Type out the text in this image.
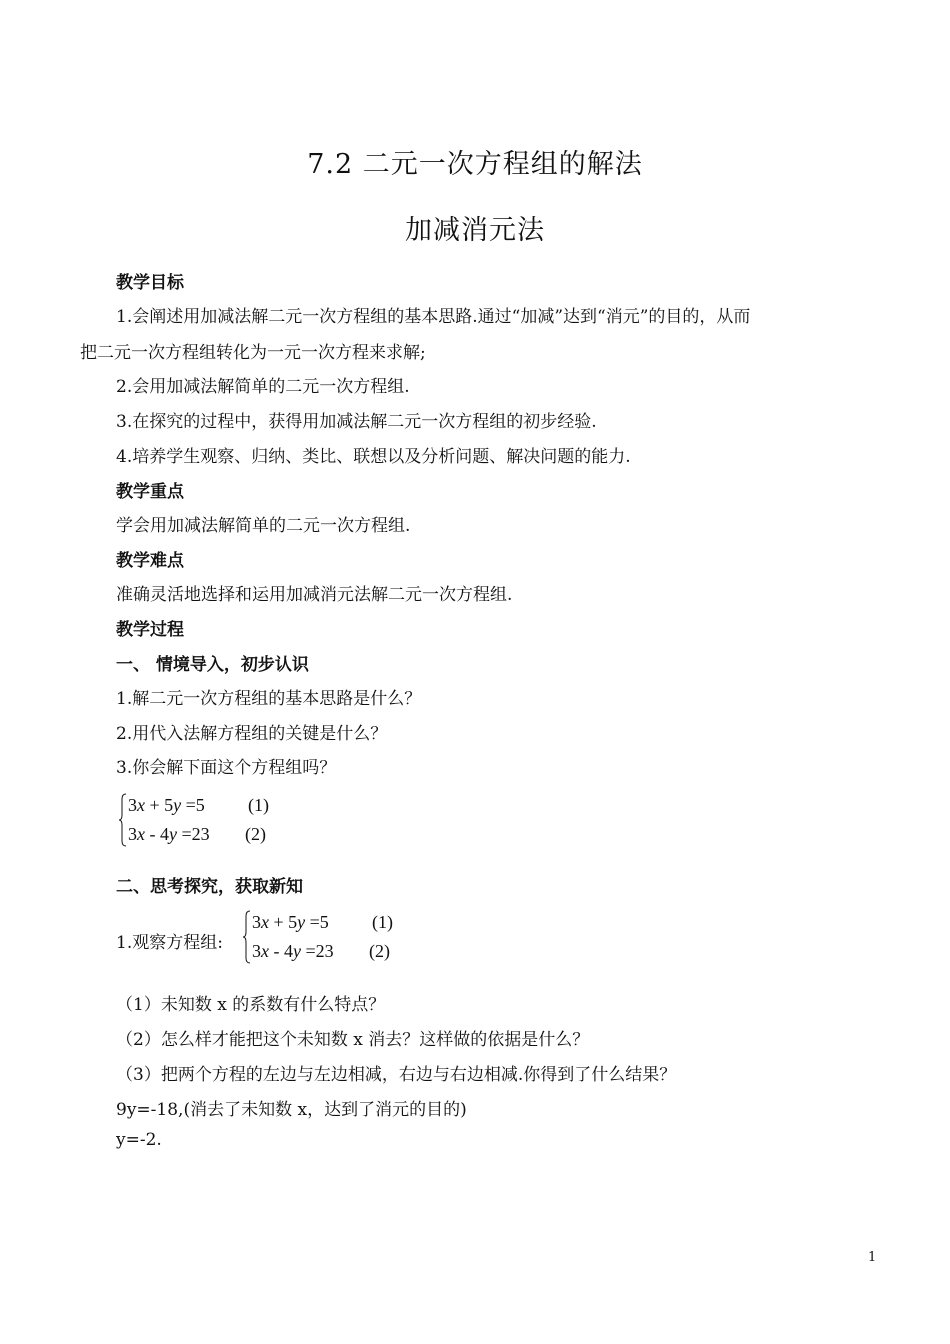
7.2 二元一次方程组的解法
加减消元法
教学目标
1.会阐述用加减法解二元一次方程组的基本思路.通过“加减”达到“消元”的目的，从而
把二元一次方程组转化为一元一次方程来求解;
2.会用加减法解简单的二元一次方程组.
3.在探究的过程中，获得用加减法解二元一次方程组的初步经验.
4.培养学生观察、归纳、类比、联想以及分析问题、解决问题的能力.
教学重点
学会用加减法解简单的二元一次方程组.
教学难点
准确灵活地选择和运用加减消元法解二元一次方程组.
教学过程
一、 情境导入，初步认识
1.解二元一次方程组的基本思路是什么？
2.用代入法解方程组的关键是什么？
3.你会解下面这个方程组吗？
3x + 5y =5 (1)
3x - 4y =23 (2)
二、思考探究，获取新知
1.观察方程组:
3x + 5y =5 (1)
3x - 4y =23 (2)
（1）未知数 x 的系数有什么特点？
（2）怎么样才能把这个未知数 x 消去？这样做的依据是什么？
（3）把两个方程的左边与左边相减，右边与右边相减.你得到了什么结果？
9y=-18,(消去了未知数 x，达到了消元的目的)
y=-2.
1
